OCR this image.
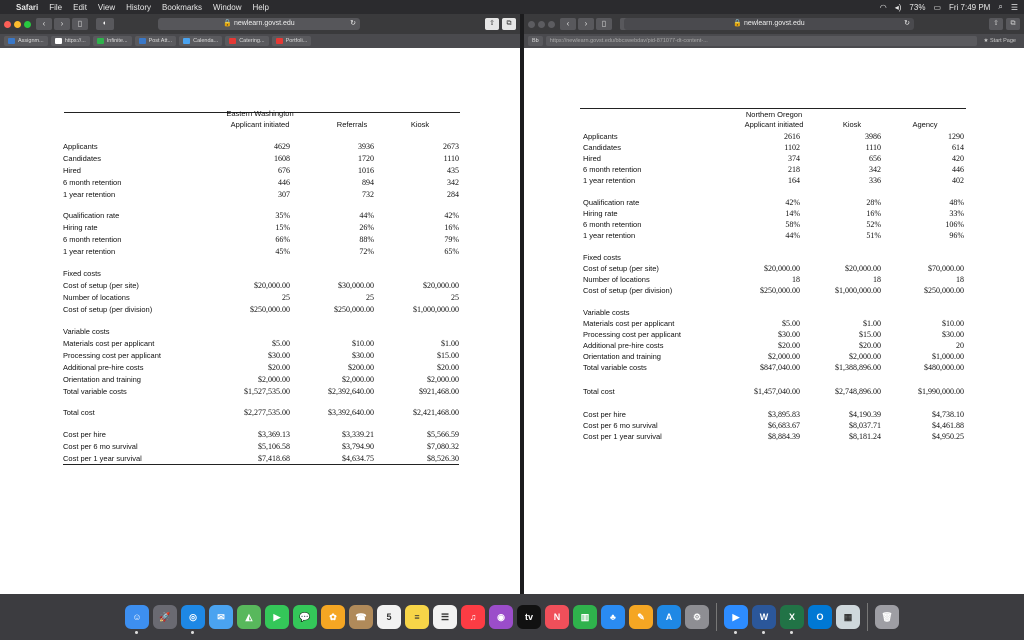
Safari File Edit View History Bookmarks Window Help	◠ ◂) 73% ▭ Fri 7:49 PM ⌕ ☰
‹	›	▯	◐	🔒 newlearn.govst.edu	↻	⇧	⧉
Assignm...	https://...	Infinite...	Post Att...	Calenda...	Catering...	Portfoli...
Eastern Washington
Applicant initiated	Referrals	Kiosk
Applicants	4629	3936	2673
Candidates	1608	1720	1110
Hired	676	1016	435
6 month retention	446	894	342
1 year retention	307	732	284
Qualification rate	35%	44%	42%
Hiring rate	15%	26%	16%
6 month retention	66%	88%	79%
1 year retention	45%	72%	65%
Fixed costs
Cost of setup (per site)	$20,000.00	$30,000.00	$20,000.00
Number of locations	25	25	25
Cost of setup (per division)	$250,000.00	$250,000.00	$1,000,000.00
Variable costs
Materials cost per applicant	$5.00	$10.00	$1.00
Processing cost per applicant	$30.00	$30.00	$15.00
Additional pre-hire costs	$20.00	$200.00	$20.00
Orientation and training	$2,000.00	$2,000.00	$2,000.00
Total variable costs	$1,527,535.00	$2,392,640.00	$921,468.00
Total cost	$2,277,535.00	$3,392,640.00	$2,421,468.00
Cost per hire	$3,369.13	$3,339.21	$5,566.59
Cost per 6 mo survival	$5,106.58	$3,794.90	$7,080.32
Cost per 1 year survival	$7,418.68	$4,634.75	$8,526.30
‹	›	▯	🔒 newlearn.govst.edu	↻	⇧	⧉
Bb	https://newlearn.govst.edu/bbcswebdav/pid-871077-dt-content-...	★ Start Page
Northern Oregon
Applicant initiated	Kiosk	Agency
Applicants	2616	3986	1290
Candidates	1102	1110	614
Hired	374	656	420
6 month retention	218	342	446
1 year retention	164	336	402
Qualification rate	42%	28%	48%
Hiring rate	14%	16%	33%
6 month retention	58%	52%	106%
1 year retention	44%	51%	96%
Fixed costs
Cost of setup (per site)	$20,000.00	$20,000.00	$70,000.00
Number of locations	18	18	18
Cost of setup (per division)	$250,000.00	$1,000,000.00	$250,000.00
Variable costs
Materials cost per applicant	$5.00	$1.00	$10.00
Processing cost per applicant	$30.00	$15.00	$30.00
Additional pre-hire costs	$20.00	$20.00	20
Orientation and training	$2,000.00	$2,000.00	$1,000.00
Total variable costs	$847,040.00	$1,388,896.00	$480,000.00
Total cost	$1,457,040.00	$2,748,896.00	$1,990,000.00
Cost per hire	$3,895.83	$4,190.39	$4,738.10
Cost per 6 mo survival	$6,683.67	$8,037.71	$4,461.88
Cost per 1 year survival	$8,884.39	$8,181.24	$4,950.25
☺	🚀	◎	✉	◭	▶	💬	✿	☎	5	≡	☰	♫	◉	tv	N	▥	♣	✎	A	⚙	▶	W	X	O	▦	🗑
